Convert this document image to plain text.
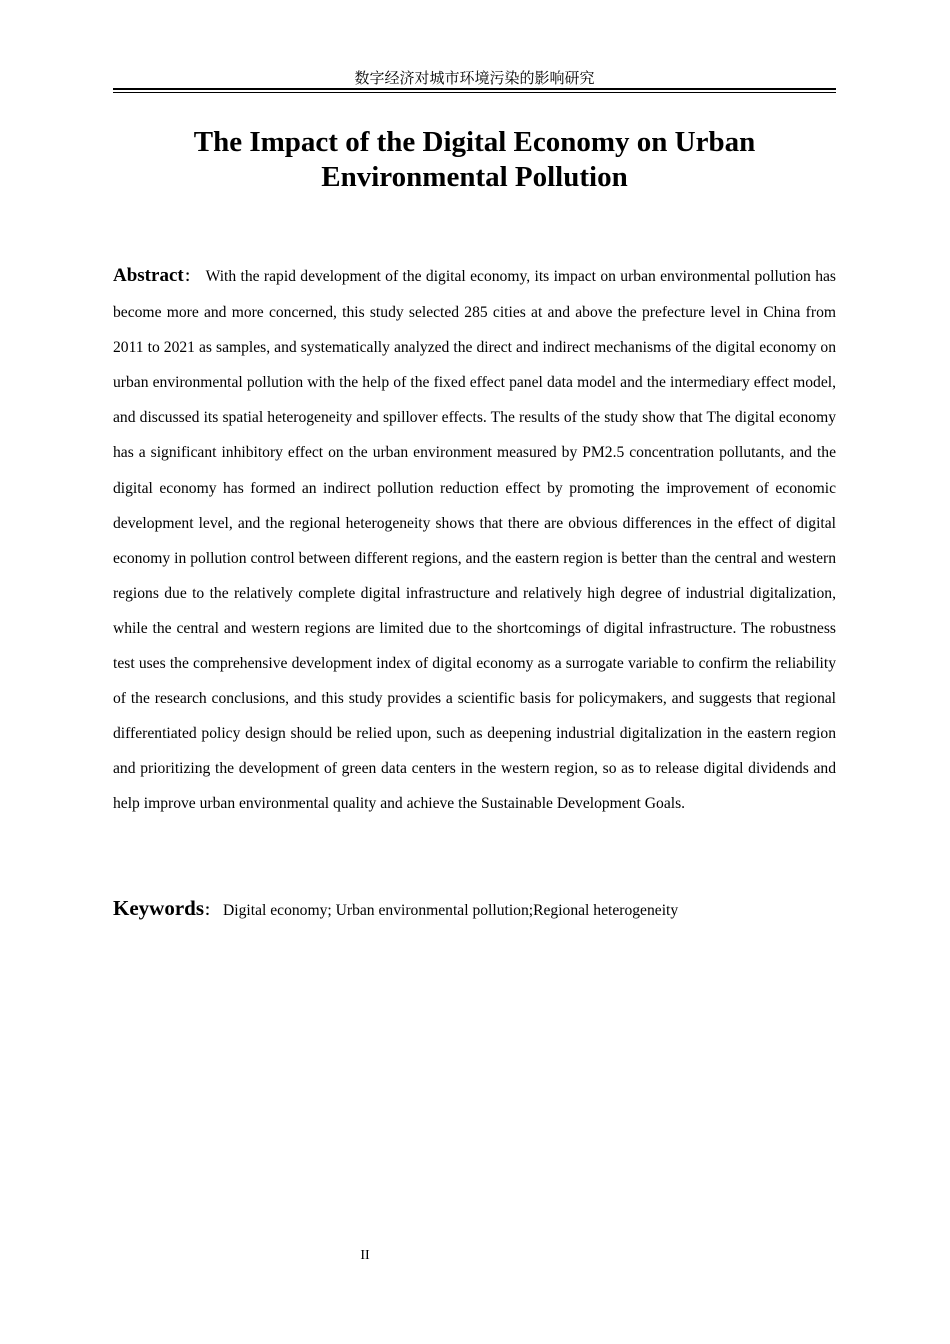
数字经济对城市环境污染的影响研究
The Impact of the Digital Economy on Urban
Environmental Pollution

Abstract： With the rapid development of the digital economy, its impact on urban environmental pollution has become more and more concerned, this study selected 285 cities at and above the prefecture level in China from 2011 to 2021 as samples, and systematically analyzed the direct and indirect mechanisms of the digital economy on urban environmental pollution with the help of the fixed effect panel data model and the intermediary effect model, and discussed its spatial heterogeneity and spillover effects. The results of the study show that The digital economy has a significant inhibitory effect on the urban environment measured by PM2.5 concentration pollutants, and the digital economy has formed an indirect pollution reduction effect by promoting the improvement of economic development level, and the regional heterogeneity shows that there are obvious differences in the effect of digital economy in pollution control between different regions, and the eastern region is better than the central and western regions due to the relatively complete digital infrastructure and relatively high degree of industrial digitalization, while the central and western regions are limited due to the shortcomings of digital infrastructure. The robustness test uses the comprehensive development index of digital economy as a surrogate variable to confirm the reliability of the research conclusions, and this study provides a scientific basis for policymakers, and suggests that regional differentiated policy design should be relied upon, such as deepening industrial digitalization in the eastern region and prioritizing the development of green data centers in the western region, so as to release digital dividends and help improve urban environmental quality and achieve the Sustainable Development Goals.

Keywords： Digital economy; Urban environmental pollution;Regional heterogeneity

II
